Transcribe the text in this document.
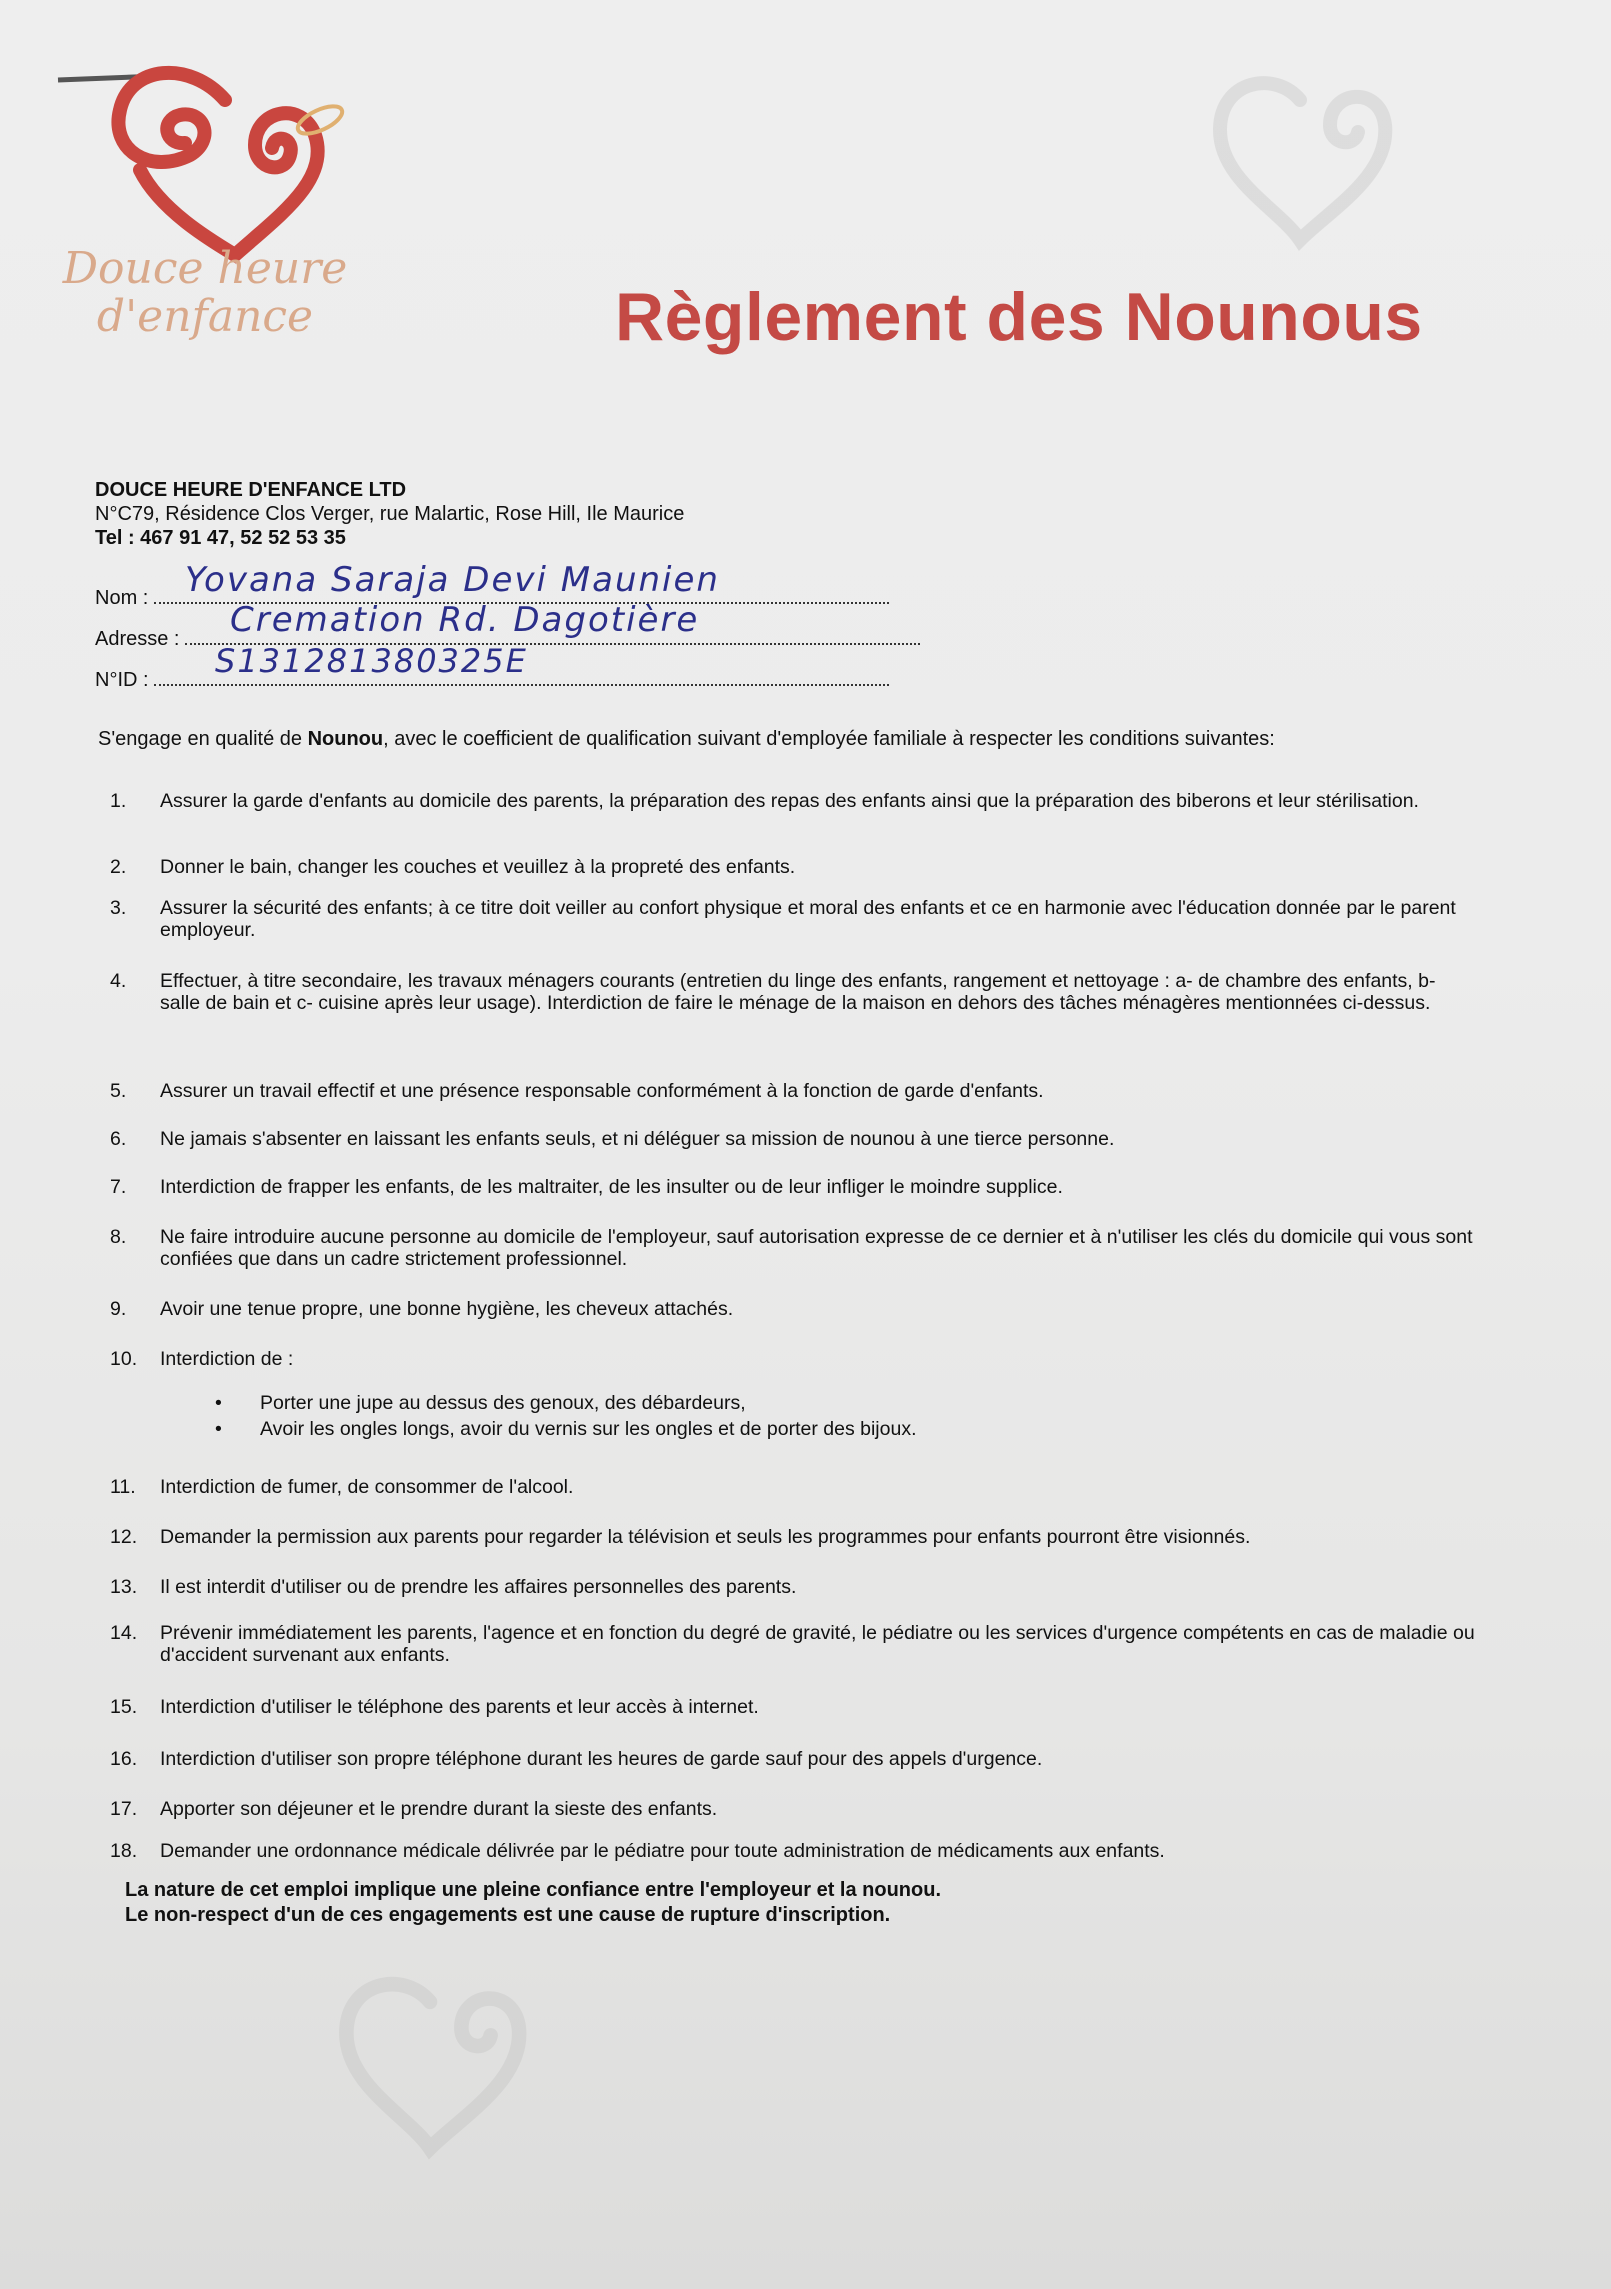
Douce heure
d'enfance	Règlement des Nounous
DOUCE HEURE D'ENFANCE LTD
N°C79, Résidence Clos Verger, rue Malartic, Rose Hill, Ile Maurice
Tel : 467 91 47, 52 52 53 35
Nom :	Yovana Saraja Devi Maunien
Adresse :	Cremation Rd. Dagotière
N°ID :	S131281380325E
S'engage en qualité de Nounou, avec le coefficient de qualification suivant d'employée familiale à respecter les conditions suivantes:
1.	Assurer la garde d'enfants au domicile des parents, la préparation des repas des enfants ainsi que la préparation des biberons et leur stérilisation.
2.	Donner le bain, changer les couches et veuillez à la propreté des enfants.
3.	Assurer la sécurité des enfants; à ce titre doit veiller au confort physique et moral des enfants et ce en harmonie avec l'éducation donnée par le parent employeur.
4.	Effectuer, à titre secondaire, les travaux ménagers courants (entretien du linge des enfants, rangement et nettoyage : a- de chambre des enfants, b- salle de bain et c- cuisine après leur usage). Interdiction de faire le ménage de la maison en dehors des tâches ménagères mentionnées ci-dessus.
5.	Assurer un travail effectif et une présence responsable conformément à la fonction de garde d'enfants.
6.	Ne jamais s'absenter en laissant les enfants seuls, et ni déléguer sa mission de nounou à une tierce personne.
7.	Interdiction de frapper les enfants, de les maltraiter, de les insulter ou de leur infliger le moindre supplice.
8.	Ne faire introduire aucune personne au domicile de l'employeur, sauf autorisation expresse de ce dernier et à n'utiliser les clés du domicile qui vous sont confiées que dans un cadre strictement professionnel.
9.	Avoir une tenue propre, une bonne hygiène, les cheveux attachés.
10.	Interdiction de :
• Porter une jupe au dessus des genoux, des débardeurs,
• Avoir les ongles longs, avoir du vernis sur les ongles et de porter des bijoux.
11.	Interdiction de fumer, de consommer de l'alcool.
12.	Demander la permission aux parents pour regarder la télévision et seuls les programmes pour enfants pourront être visionnés.
13.	Il est interdit d'utiliser ou de prendre les affaires personnelles des parents.
14.	Prévenir immédiatement les parents, l'agence et en fonction du degré de gravité, le pédiatre ou les services d'urgence compétents en cas de maladie ou d'accident survenant aux enfants.
15.	Interdiction d'utiliser le téléphone des parents et leur accès à internet.
16.	Interdiction d'utiliser son propre téléphone durant les heures de garde sauf pour des appels d'urgence.
17.	Apporter son déjeuner et le prendre durant la sieste des enfants.
18.	Demander une ordonnance médicale délivrée par le pédiatre pour toute administration de médicaments aux enfants.
La nature de cet emploi implique une pleine confiance entre l'employeur et la nounou.
Le non-respect d'un de ces engagements est une cause de rupture d'inscription.
